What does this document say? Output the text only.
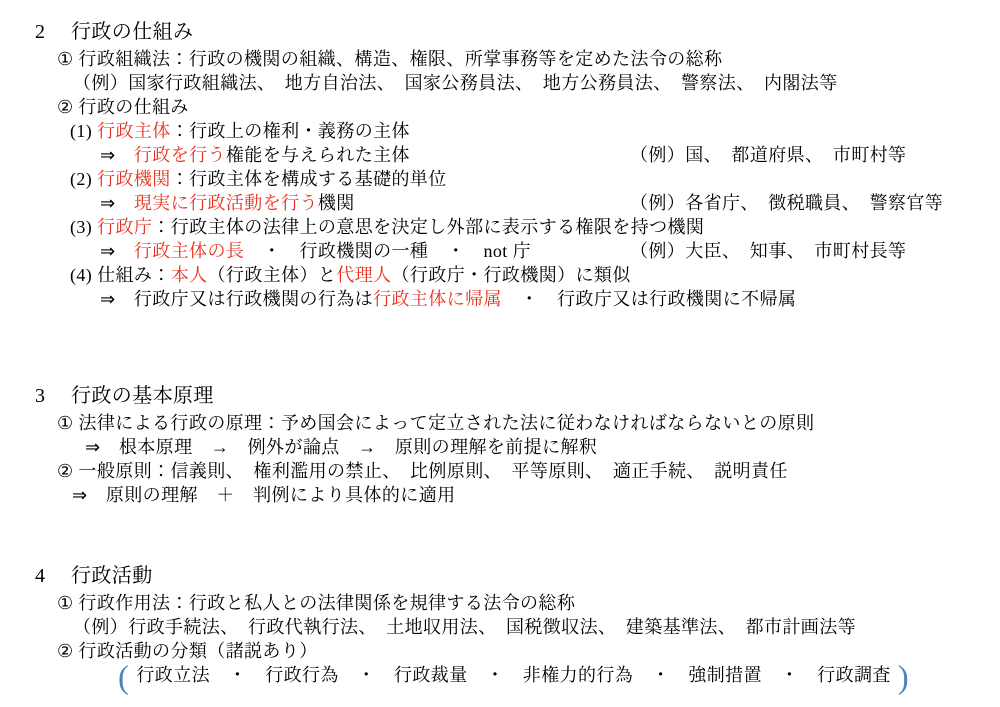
2 行政の仕組み
① 行政組織法：行政の機関の組織、構造、権限、所掌事務等を定めた法令の総称
（例）国家行政組織法、　地方自治法、　国家公務員法、　地方公務員法、　警察法、　内閣法等
② 行政の仕組み
(1) 行政主体：行政上の権利・義務の主体
⇒　行政を行う権能を与えられた主体	（例）国、　都道府県、　市町村等
(2) 行政機関：行政主体を構成する基礎的単位
⇒　現実に行政活動を行う機関	（例）各省庁、　徴税職員、　警察官等
(3) 行政庁：行政主体の法律上の意思を決定し外部に表示する権限を持つ機関
⇒　行政主体の長　・　行政機関の一種　・　not 庁	（例）大臣、　知事、　市町村長等
(4) 仕組み：本人（行政主体）と代理人（行政庁・行政機関）に類似
⇒　行政庁又は行政機関の行為は行政主体に帰属　・　行政庁又は行政機関に不帰属
3 行政の基本原理
① 法律による行政の原理：予め国会によって定立された法に従わなければならないとの原則
⇒　根本原理　→　例外が論点　→　原則の理解を前提に解釈
② 一般原則：信義則、　権利濫用の禁止、　比例原則、　平等原則、　適正手続、　説明責任
⇒　原則の理解　＋　判例により具体的に適用
4 行政活動
① 行政作用法：行政と私人との法律関係を規律する法令の総称
（例）行政手続法、　行政代執行法、　土地収用法、　国税徴収法、　建築基準法、　都市計画法等
② 行政活動の分類（諸説あり）
( 行政立法　・　行政行為　・　行政裁量　・　非権力的行為　・　強制措置　・　行政調査 )
